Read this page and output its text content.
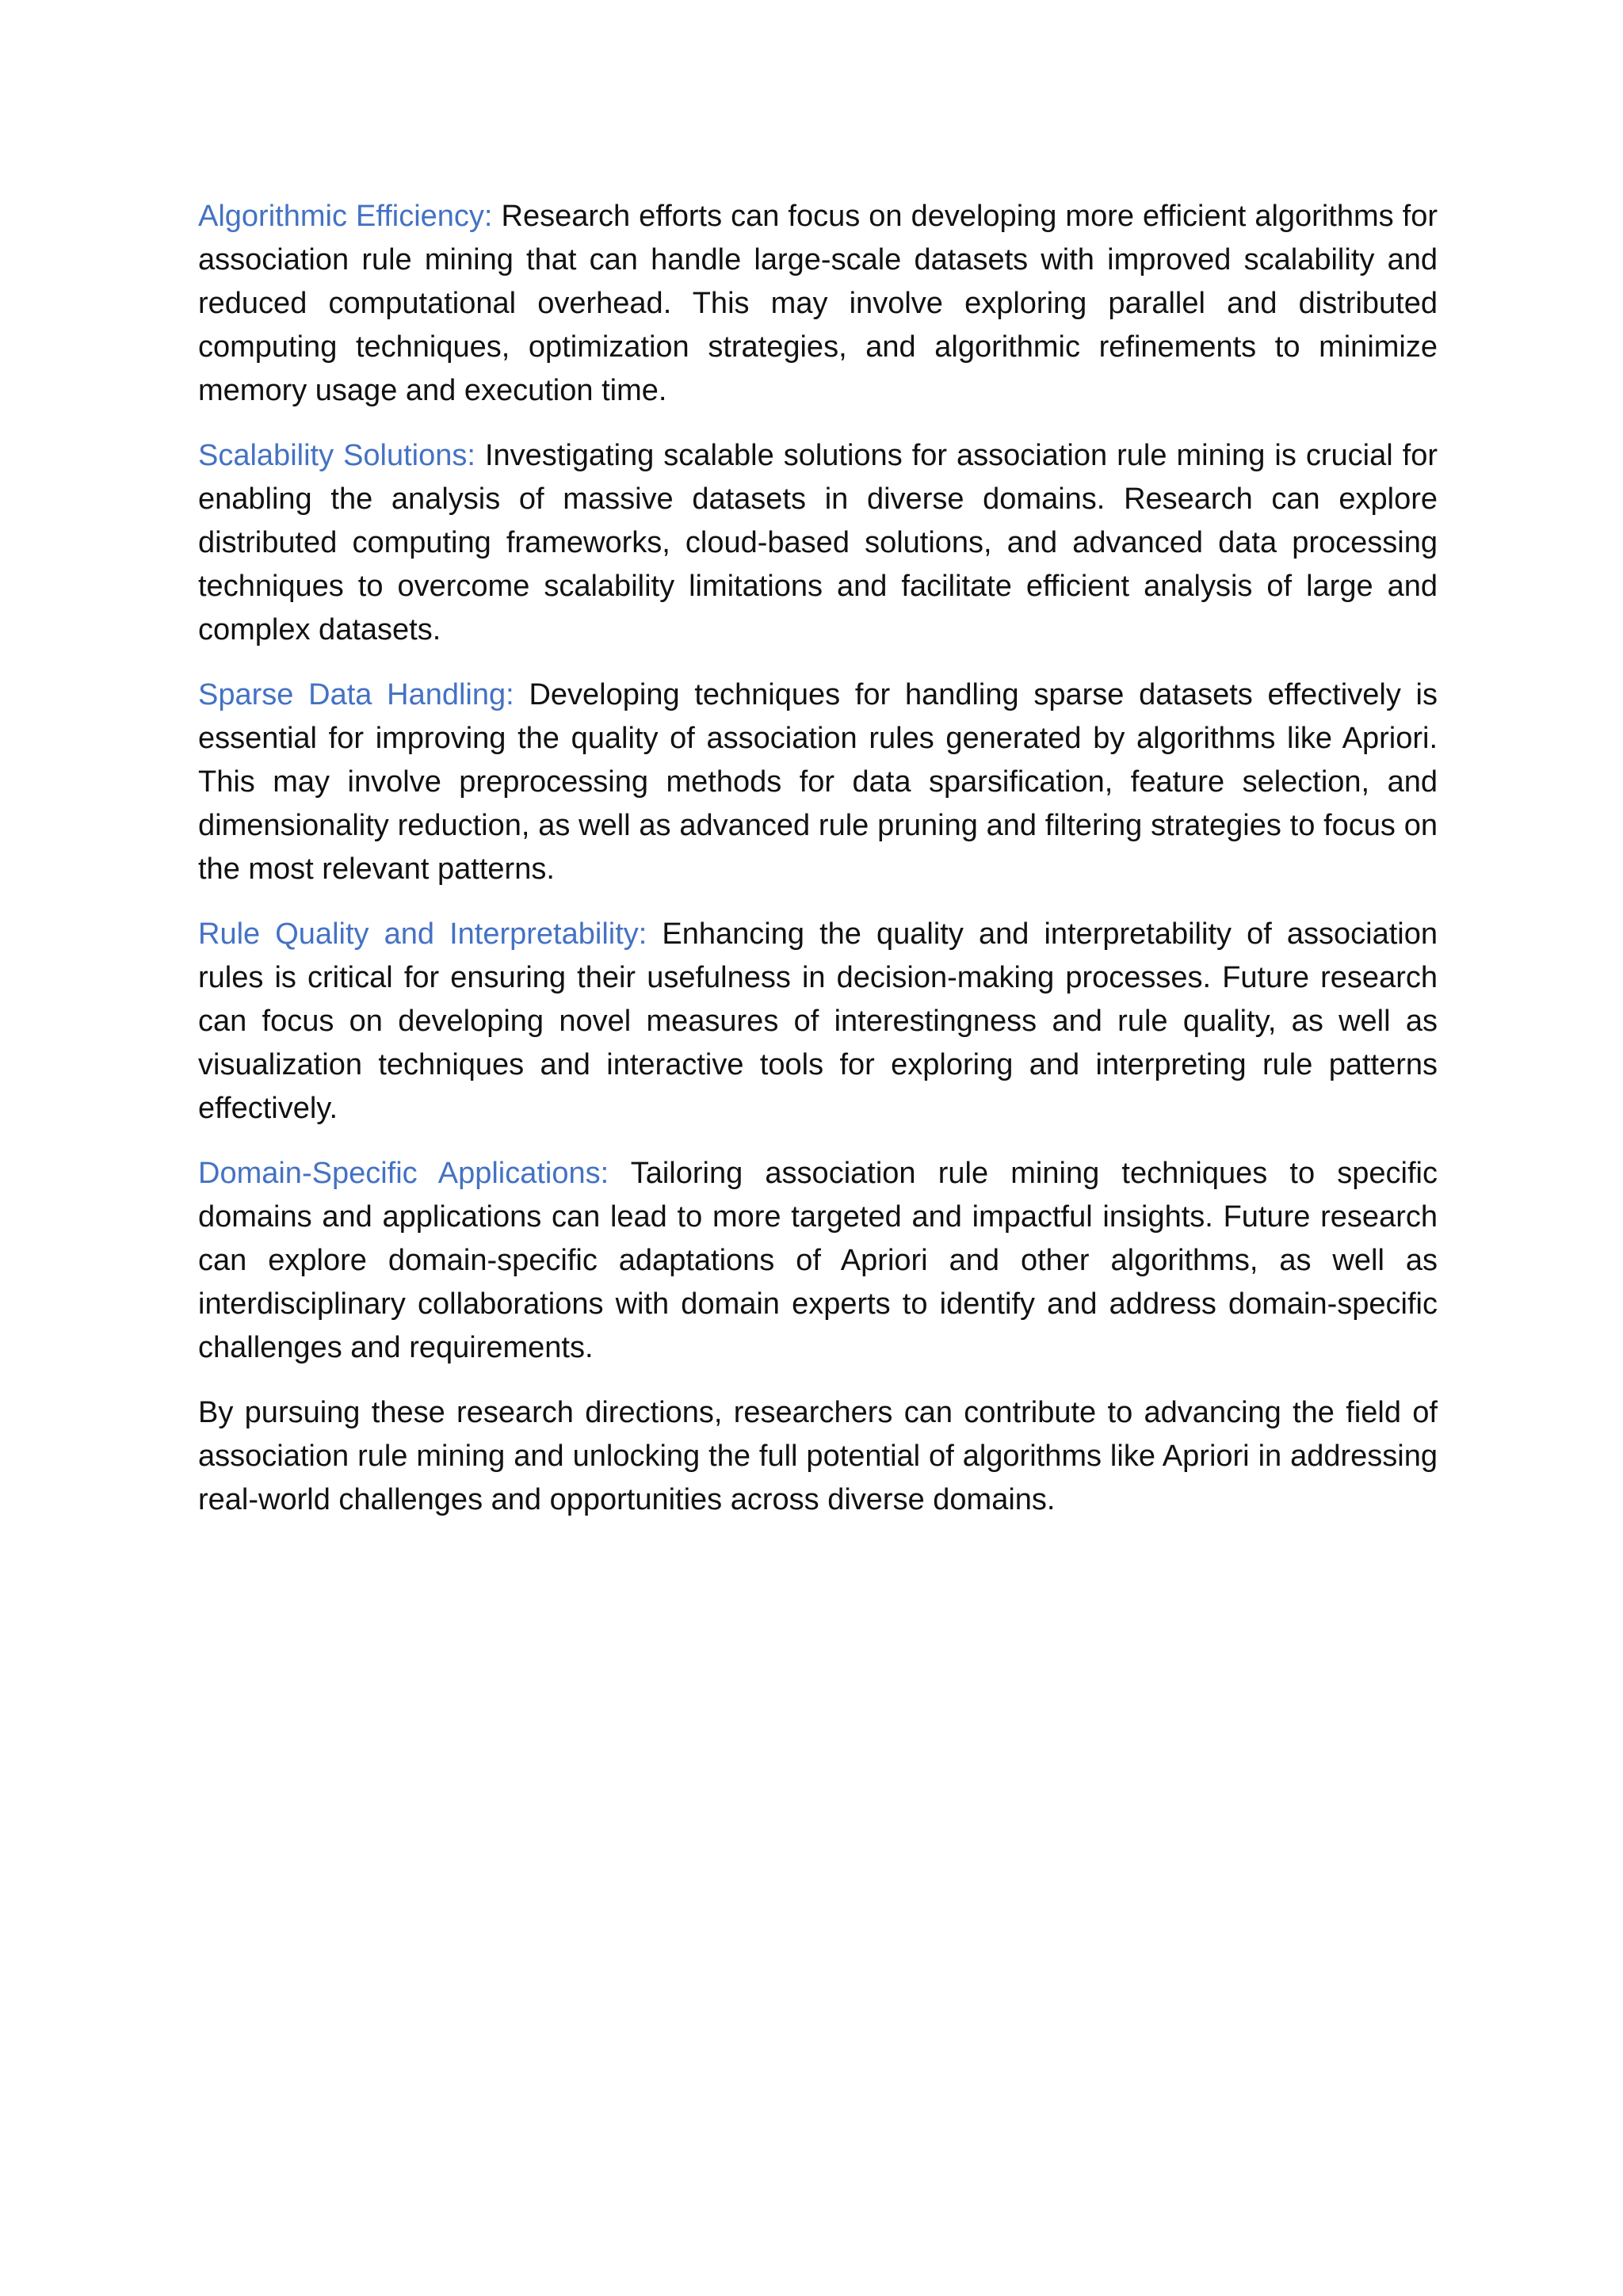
Algorithmic Efficiency: Research efforts can focus on developing more efficient algorithms for association rule mining that can handle large-scale datasets with improved scalability and reduced computational overhead. This may involve exploring parallel and distributed computing techniques, optimization strategies, and algorithmic refinements to minimize memory usage and execution time.

Scalability Solutions: Investigating scalable solutions for association rule mining is crucial for enabling the analysis of massive datasets in diverse domains. Research can explore distributed computing frameworks, cloud-based solutions, and advanced data processing techniques to overcome scalability limitations and facilitate efficient analysis of large and complex datasets.

Sparse Data Handling: Developing techniques for handling sparse datasets effectively is essential for improving the quality of association rules generated by algorithms like Apriori. This may involve preprocessing methods for data sparsification, feature selection, and dimensionality reduction, as well as advanced rule pruning and filtering strategies to focus on the most relevant patterns.

Rule Quality and Interpretability: Enhancing the quality and interpretability of association rules is critical for ensuring their usefulness in decision-making processes. Future research can focus on developing novel measures of interestingness and rule quality, as well as visualization techniques and interactive tools for exploring and interpreting rule patterns effectively.

Domain-Specific Applications: Tailoring association rule mining techniques to specific domains and applications can lead to more targeted and impactful insights. Future research can explore domain-specific adaptations of Apriori and other algorithms, as well as interdisciplinary collaborations with domain experts to identify and address domain-specific challenges and requirements.

By pursuing these research directions, researchers can contribute to advancing the field of association rule mining and unlocking the full potential of algorithms like Apriori in addressing real-world challenges and opportunities across diverse domains.
